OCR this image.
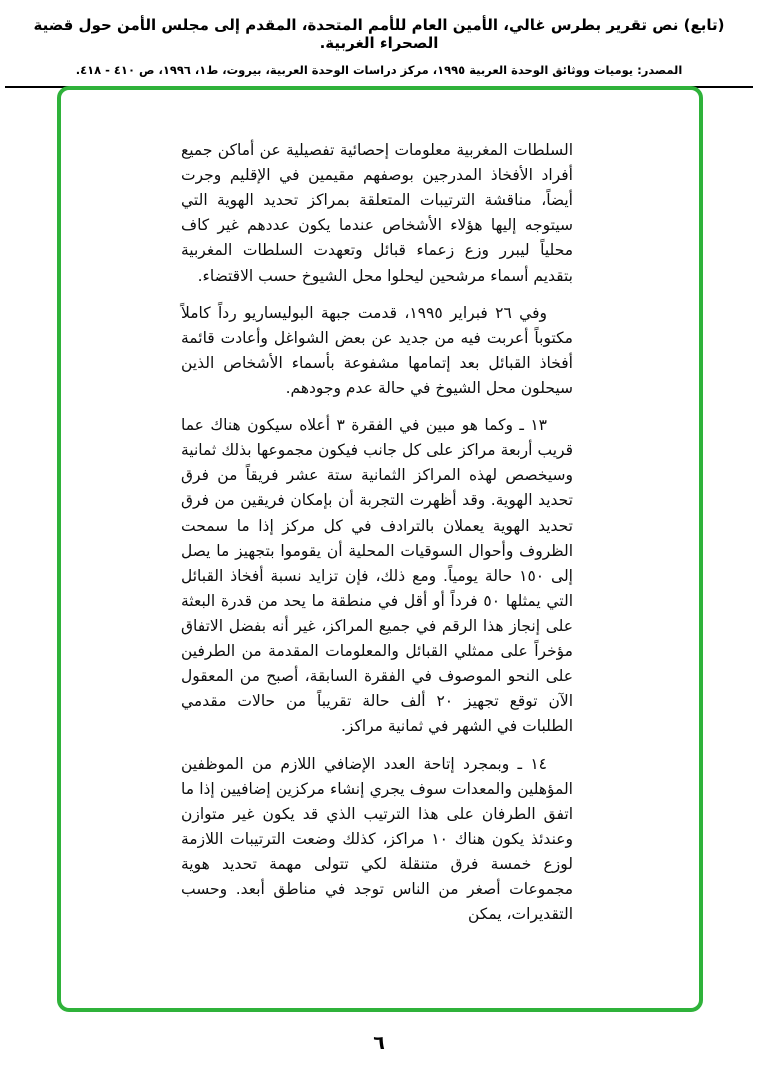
(تابع) نص تقرير بطرس غالي، الأمين العام للأمم المتحدة، المقدم إلى مجلس الأمن حول قضية الصحراء الغربية.
المصدر: يوميات ووثائق الوحدة العربية ١٩٩٥، مركز دراسات الوحدة العربية، بيروت، ط١، ١٩٩٦، ص ٤١٠ - ٤١٨.

السلطات المغربية معلومات إحصائية تفصيلية عن أماكن جميع أفراد الأفخاذ المدرجين بوصفهم مقيمين في الإقليم وجرت أيضاً، مناقشة الترتيبات المتعلقة بمراكز تحديد الهوية التي سيتوجه إليها هؤلاء الأشخاص عندما يكون عددهم غير كاف محلياً ليبرر وزع زعماء قبائل وتعهدت السلطات المغربية بتقديم أسماء مرشحين ليحلوا محل الشيوخ حسب الاقتضاء.

وفي ٢٦ فبراير ١٩٩٥، قدمت جبهة البوليساريو رداً كاملاً مكتوباً أعربت فيه من جديد عن بعض الشواغل وأعادت قائمة أفخاذ القبائل بعد إتمامها مشفوعة بأسماء الأشخاص الذين سيحلون محل الشيوخ في حالة عدم وجودهم.

١٣ ـ وكما هو مبين في الفقرة ٣ أعلاه سيكون هناك عما قريب أربعة مراكز على كل جانب فيكون مجموعها بذلك ثمانية وسيخصص لهذه المراكز الثمانية ستة عشر فريقاً من فرق تحديد الهوية. وقد أظهرت التجربة أن بإمكان فريقين من فرق تحديد الهوية يعملان بالترادف في كل مركز إذا ما سمحت الظروف وأحوال السوقيات المحلية أن يقوموا بتجهيز ما يصل إلى ١٥٠ حالة يومياً. ومع ذلك، فإن تزايد نسبة أفخاذ القبائل التي يمثلها ٥٠ فرداً أو أقل في منطقة ما يحد من قدرة البعثة على إنجاز هذا الرقم في جميع المراكز، غير أنه بفضل الاتفاق مؤخراً على ممثلي القبائل والمعلومات المقدمة من الطرفين على النحو الموصوف في الفقرة السابقة، أصبح من المعقول الآن توقع تجهيز ٢٠ ألف حالة تقريباً من حالات مقدمي الطلبات في الشهر في ثمانية مراكز.

١٤ ـ وبمجرد إتاحة العدد الإضافي اللازم من الموظفين المؤهلين والمعدات سوف يجري إنشاء مركزين إضافيين إذا ما اتفق الطرفان على هذا الترتيب الذي قد يكون غير متوازن وعندئذ يكون هناك ١٠ مراكز، كذلك وضعت الترتيبات اللازمة لوزع خمسة فرق متنقلة لكي تتولى مهمة تحديد هوية مجموعات أصغر من الناس توجد في مناطق أبعد. وحسب التقديرات، يمكن

٦
